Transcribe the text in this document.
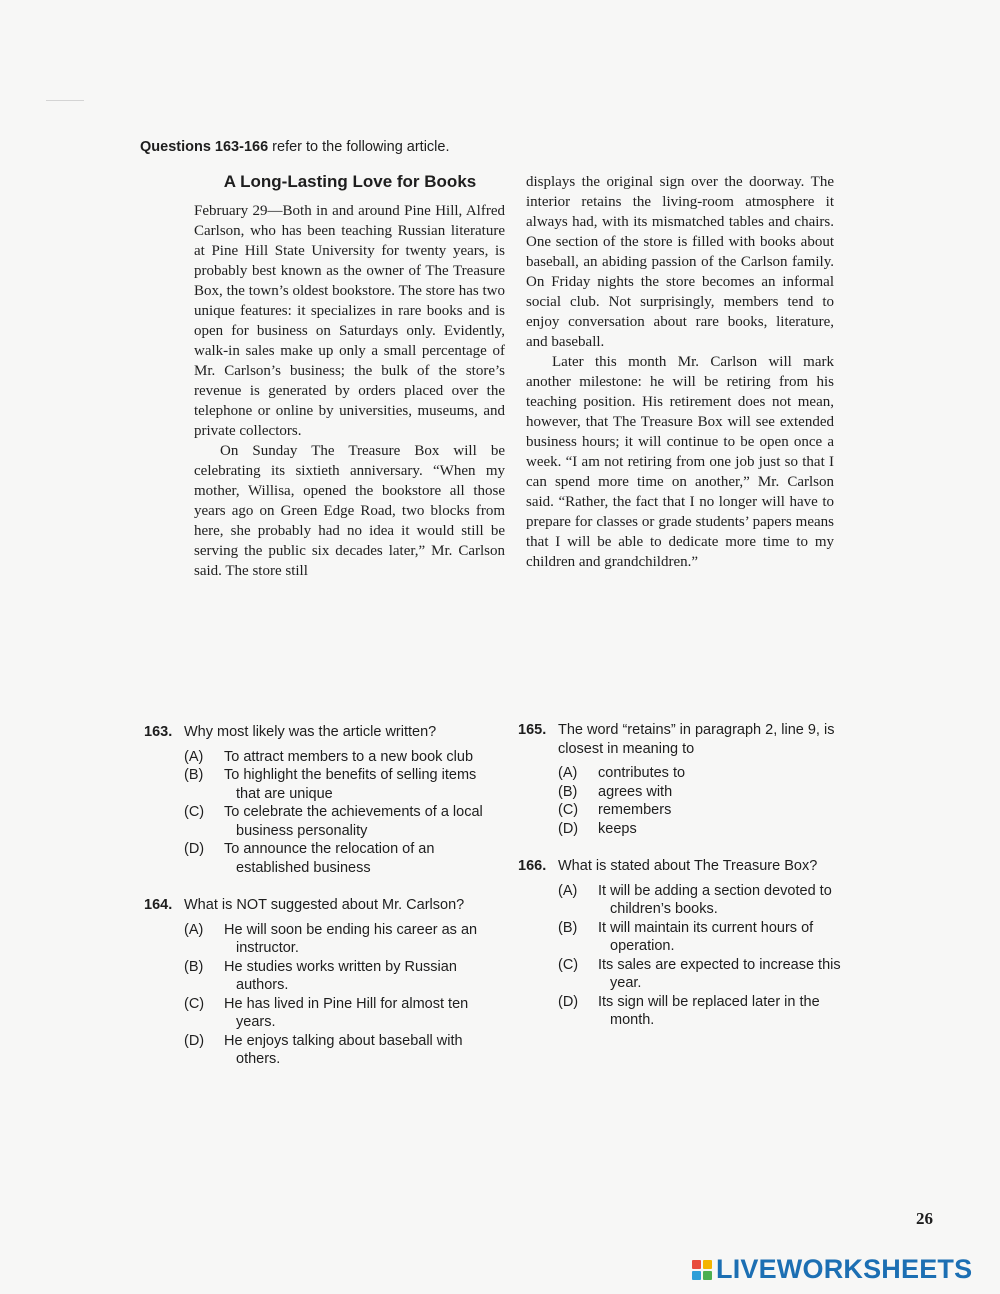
Questions 163-166 refer to the following article.
A Long-Lasting Love for Books

February 29—Both in and around Pine Hill, Alfred Carlson, who has been teaching Russian literature at Pine Hill State University for twenty years, is probably best known as the owner of The Treasure Box, the town’s oldest bookstore. The store has two unique features: it specializes in rare books and is open for business on Saturdays only. Evidently, walk-in sales make up only a small percentage of Mr. Carlson’s business; the bulk of the store’s revenue is generated by orders placed over the telephone or online by universities, museums, and private collectors.

On Sunday The Treasure Box will be celebrating its sixtieth anniversary. “When my mother, Willisa, opened the bookstore all those years ago on Green Edge Road, two blocks from here, she probably had no idea it would still be serving the public six decades later,” Mr. Carlson said. The store still

displays the original sign over the doorway. The interior retains the living-room atmosphere it always had, with its mismatched tables and chairs. One section of the store is filled with books about baseball, an abiding passion of the Carlson family. On Friday nights the store becomes an informal social club. Not surprisingly, members tend to enjoy conversation about rare books, literature, and baseball.

Later this month Mr. Carlson will mark another milestone: he will be retiring from his teaching position. His retirement does not mean, however, that The Treasure Box will see extended business hours; it will continue to be open once a week. “I am not retiring from one job just so that I can spend more time on another,” Mr. Carlson said. “Rather, the fact that I no longer will have to prepare for classes or grade students’ papers means that I will be able to dedicate more time to my children and grandchildren.”

163. Why most likely was the article written?
(A) To attract members to a new book club
(B) To highlight the benefits of selling items that are unique
(C) To celebrate the achievements of a local business personality
(D) To announce the relocation of an established business
164. What is NOT suggested about Mr. Carlson?
(A) He will soon be ending his career as an instructor.
(B) He studies works written by Russian authors.
(C) He has lived in Pine Hill for almost ten years.
(D) He enjoys talking about baseball with others.
165. The word “retains” in paragraph 2, line 9, is closest in meaning to
(A) contributes to
(B) agrees with
(C) remembers
(D) keeps
166. What is stated about The Treasure Box?
(A) It will be adding a section devoted to children’s books.
(B) It will maintain its current hours of operation.
(C) Its sales are expected to increase this year.
(D) Its sign will be replaced later in the month.
26
LIVEWORKSHEETS
